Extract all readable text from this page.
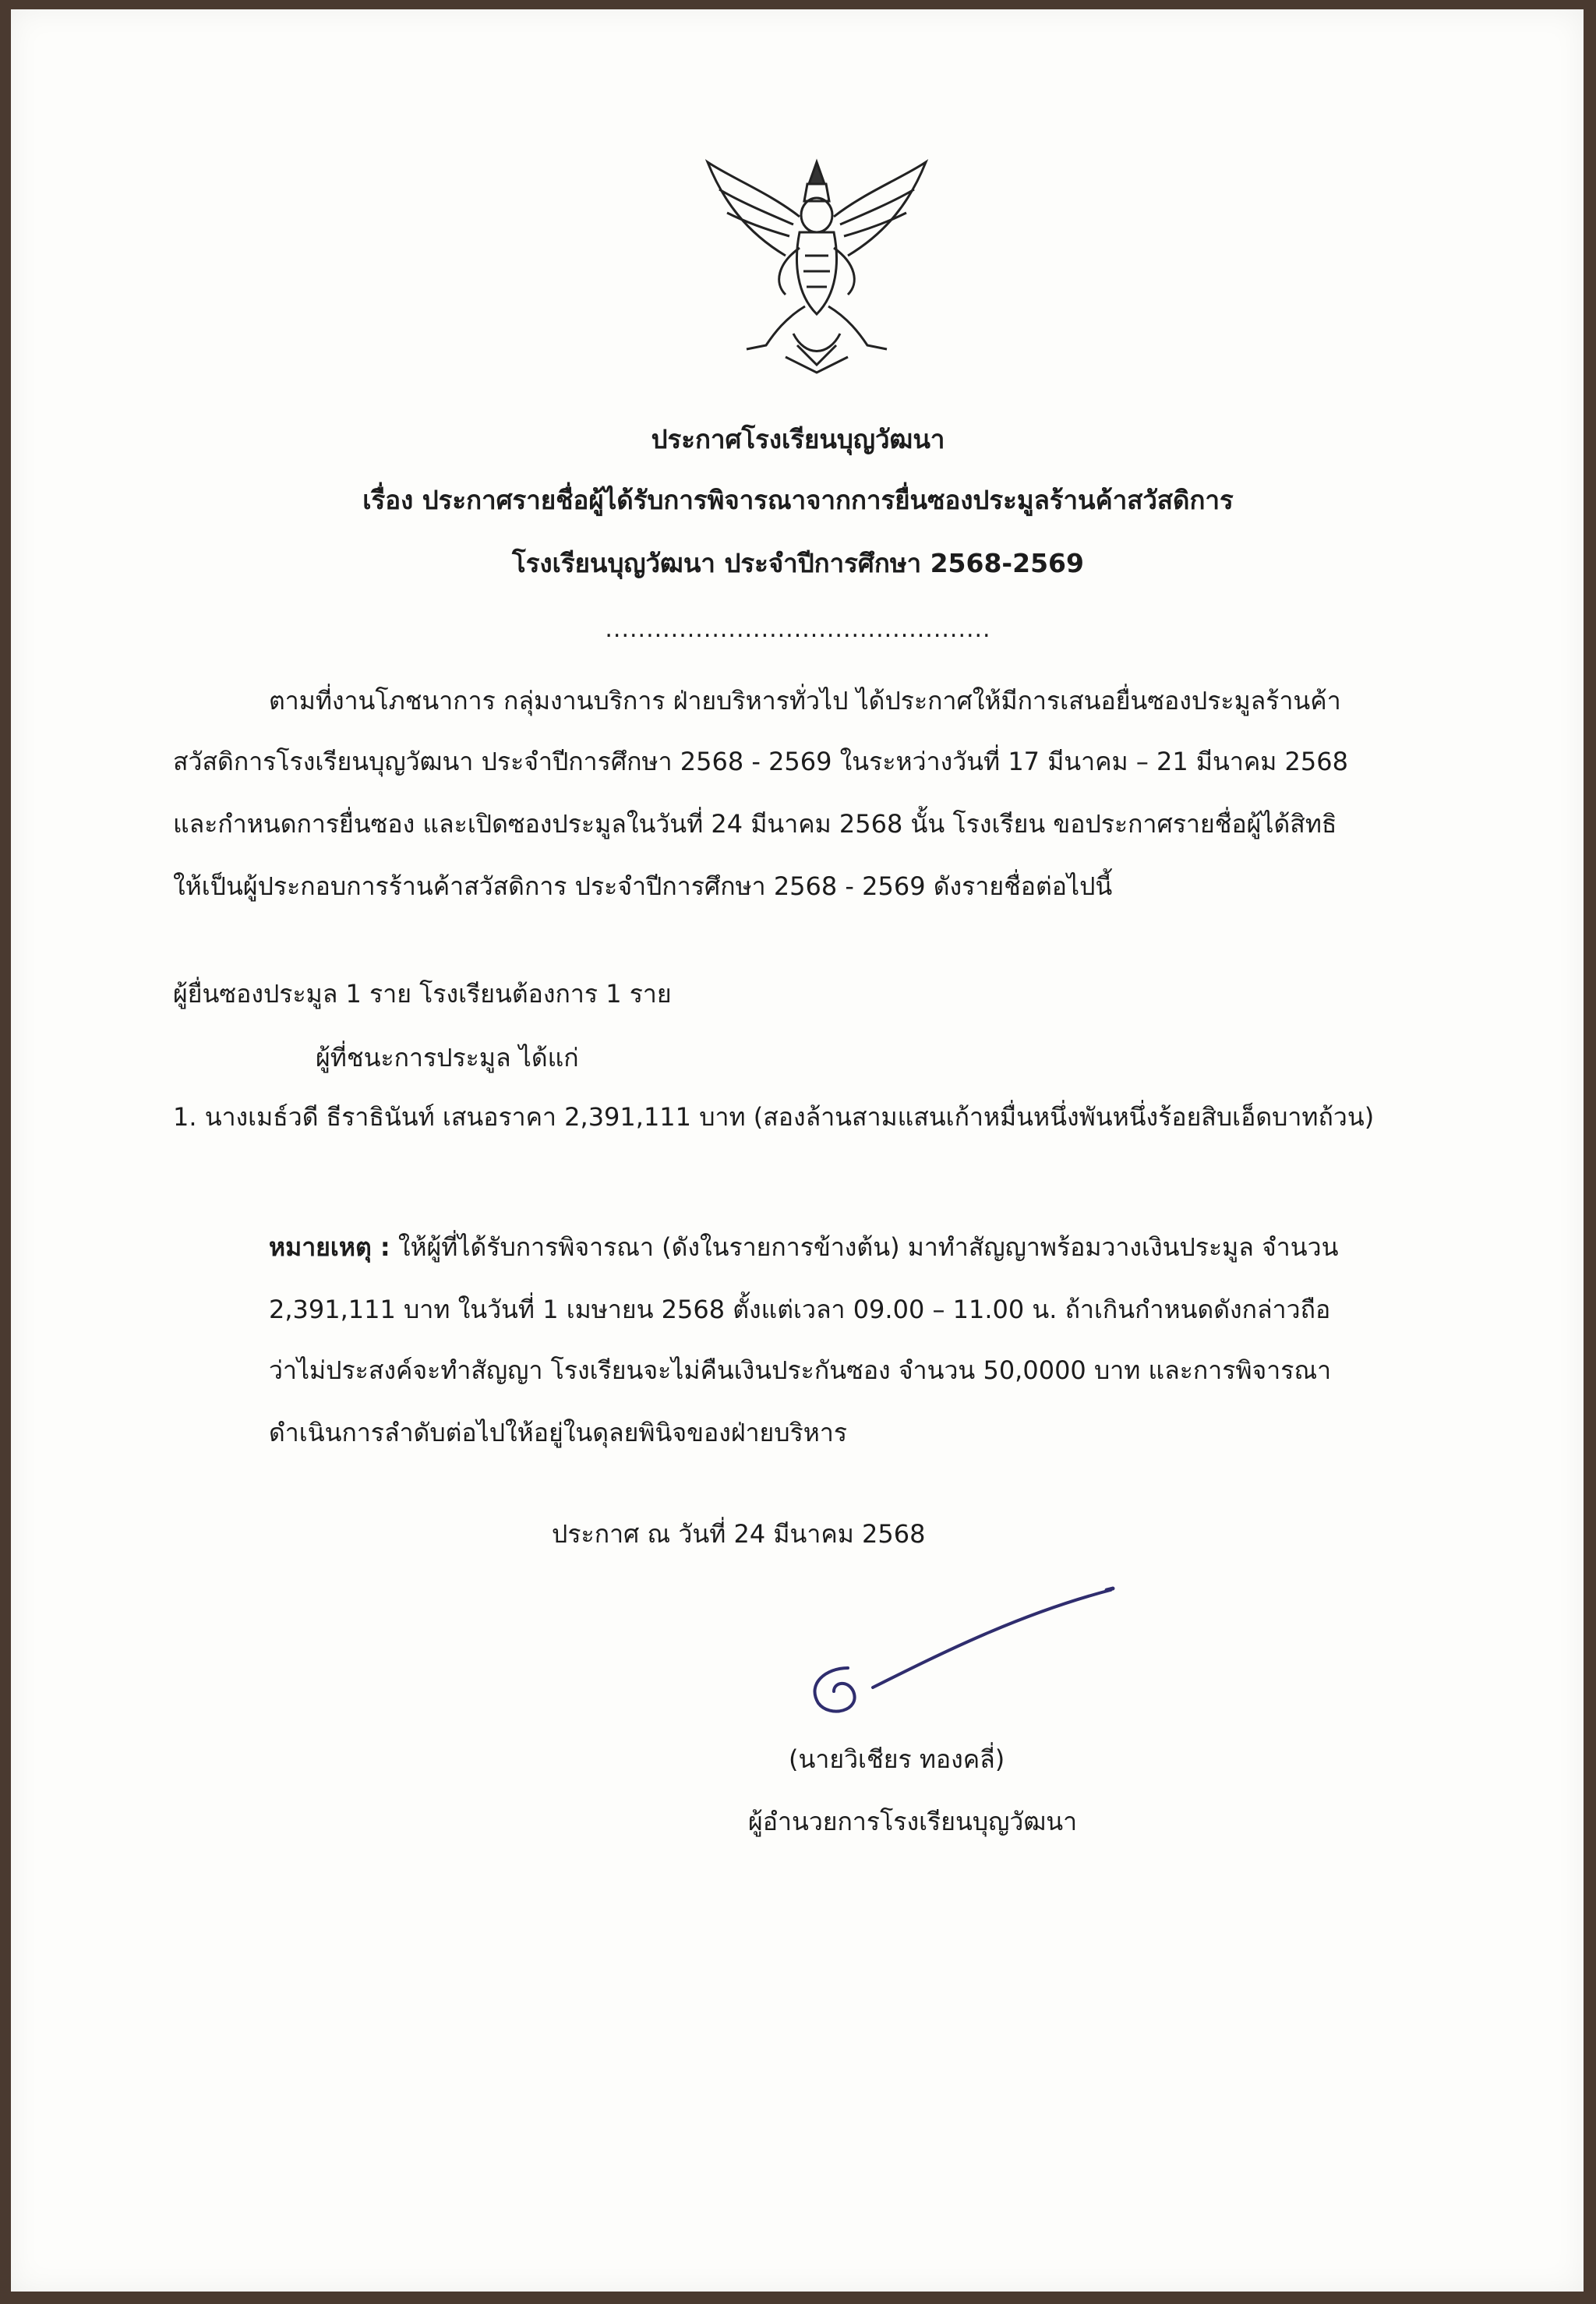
ประกาศโรงเรียนบุญวัฒนา
เรื่อง ประกาศรายชื่อผู้ได้รับการพิจารณาจากการยื่นซองประมูลร้านค้าสวัสดิการ
โรงเรียนบุญวัฒนา ประจำปีการศึกษา 2568-2569
...............................................
ตามที่งานโภชนาการ กลุ่มงานบริการ ฝ่ายบริหารทั่วไป ได้ประกาศให้มีการเสนอยื่นซองประมูลร้านค้า
สวัสดิการโรงเรียนบุญวัฒนา ประจำปีการศึกษา 2568 - 2569 ในระหว่างวันที่ 17 มีนาคม – 21 มีนาคม 2568
และกำหนดการยื่นซอง และเปิดซองประมูลในวันที่ 24 มีนาคม 2568 นั้น โรงเรียน ขอประกาศรายชื่อผู้ได้สิทธิ
ให้เป็นผู้ประกอบการร้านค้าสวัสดิการ ประจำปีการศึกษา 2568 - 2569 ดังรายชื่อต่อไปนี้
ผู้ยื่นซองประมูล 1 ราย โรงเรียนต้องการ 1 ราย
ผู้ที่ชนะการประมูล ได้แก่
1. นางเมธ์วดี ธีราธินันท์ เสนอราคา 2,391,111 บาท (สองล้านสามแสนเก้าหมื่นหนึ่งพันหนึ่งร้อยสิบเอ็ดบาทถ้วน)
หมายเหตุ : ให้ผู้ที่ได้รับการพิจารณา (ดังในรายการข้างต้น) มาทำสัญญาพร้อมวางเงินประมูล จำนวน
2,391,111 บาท ในวันที่ 1 เมษายน 2568 ตั้งแต่เวลา 09.00 – 11.00 น. ถ้าเกินกำหนดดังกล่าวถือ
ว่าไม่ประสงค์จะทำสัญญา โรงเรียนจะไม่คืนเงินประกันซอง จำนวน 50,0000 บาท และการพิจารณา
ดำเนินการลำดับต่อไปให้อยู่ในดุลยพินิจของฝ่ายบริหาร
ประกาศ ณ วันที่ 24 มีนาคม 2568
(นายวิเชียร ทองคลี่)
ผู้อำนวยการโรงเรียนบุญวัฒนา
